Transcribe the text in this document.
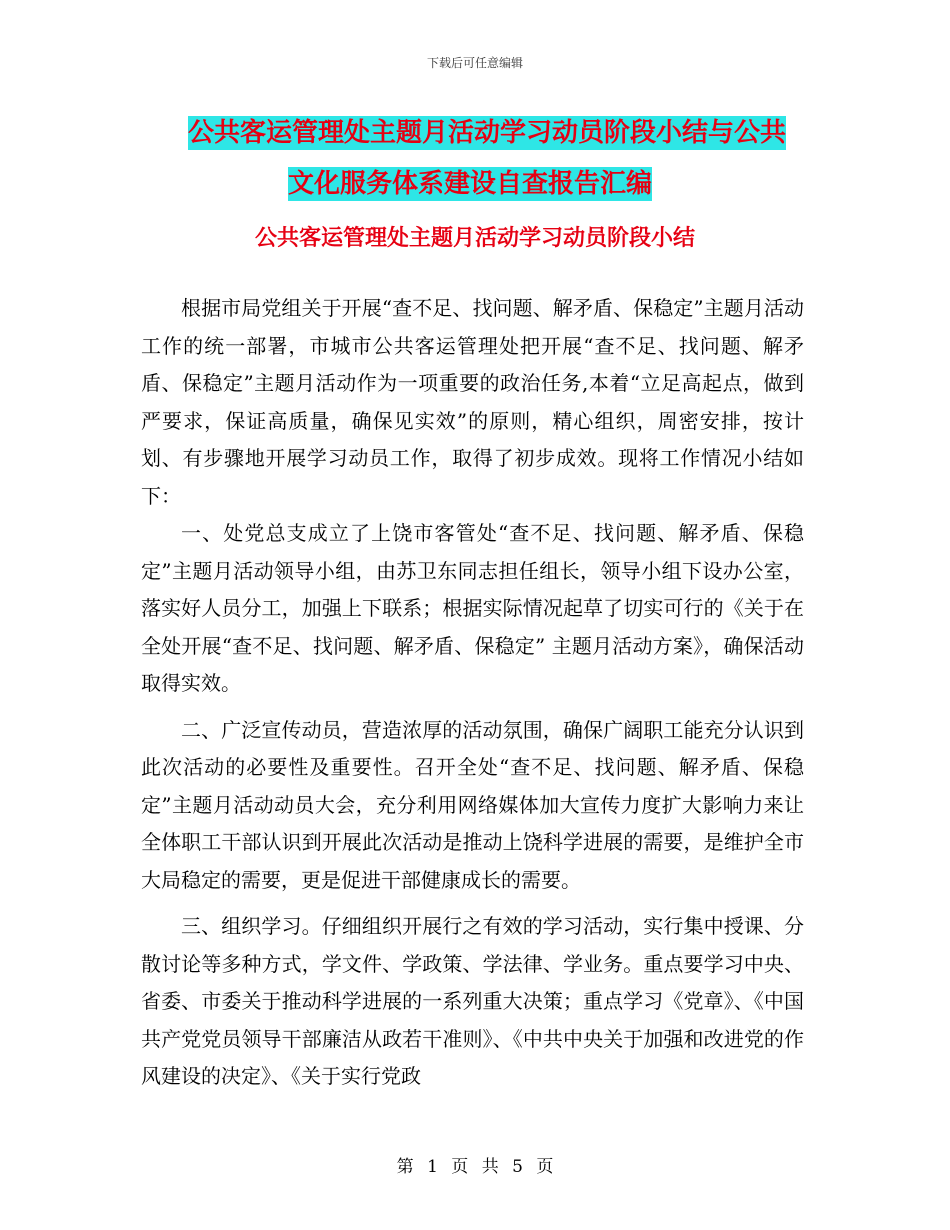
下载后可任意编辑
公共客运管理处主题月活动学习动员阶段小结与公共
文化服务体系建设自查报告汇编
公共客运管理处主题月活动学习动员阶段小结

根据市局党组关于开展“查不足、找问题、解矛盾、保稳定”主题月活动工作的统一部署，市城市公共客运管理处把开展“查不足、找问题、解矛盾、保稳定”主题月活动作为一项重要的政治任务,本着“立足高起点，做到严要求，保证高质量，确保见实效”的原则，精心组织，周密安排，按计划、有步骤地开展学习动员工作，取得了初步成效。现将工作情况小结如下：

一、处党总支成立了上饶市客管处“查不足、找问题、解矛盾、保稳定”主题月活动领导小组，由苏卫东同志担任组长，领导小组下设办公室，落实好人员分工，加强上下联系；根据实际情况起草了切实可行的《关于在全处开展“查不足、找问题、解矛盾、保稳定” 主题月活动方案》，确保活动取得实效。

二、广泛宣传动员，营造浓厚的活动氛围，确保广阔职工能充分认识到此次活动的必要性及重要性。召开全处“查不足、找问题、解矛盾、保稳定”主题月活动动员大会，充分利用网络媒体加大宣传力度扩大影响力来让全体职工干部认识到开展此次活动是推动上饶科学进展的需要，是维护全市大局稳定的需要，更是促进干部健康成长的需要。

三、组织学习。仔细组织开展行之有效的学习活动，实行集中授课、分散讨论等多种方式，学文件、学政策、学法律、学业务。重点要学习中央、省委、市委关于推动科学进展的一系列重大决策；重点学习《党章》、《中国共产党党员领导干部廉洁从政若干准则》、《中共中央关于加强和改进党的作风建设的决定》、《关于实行党政

第 1 页 共 5 页
